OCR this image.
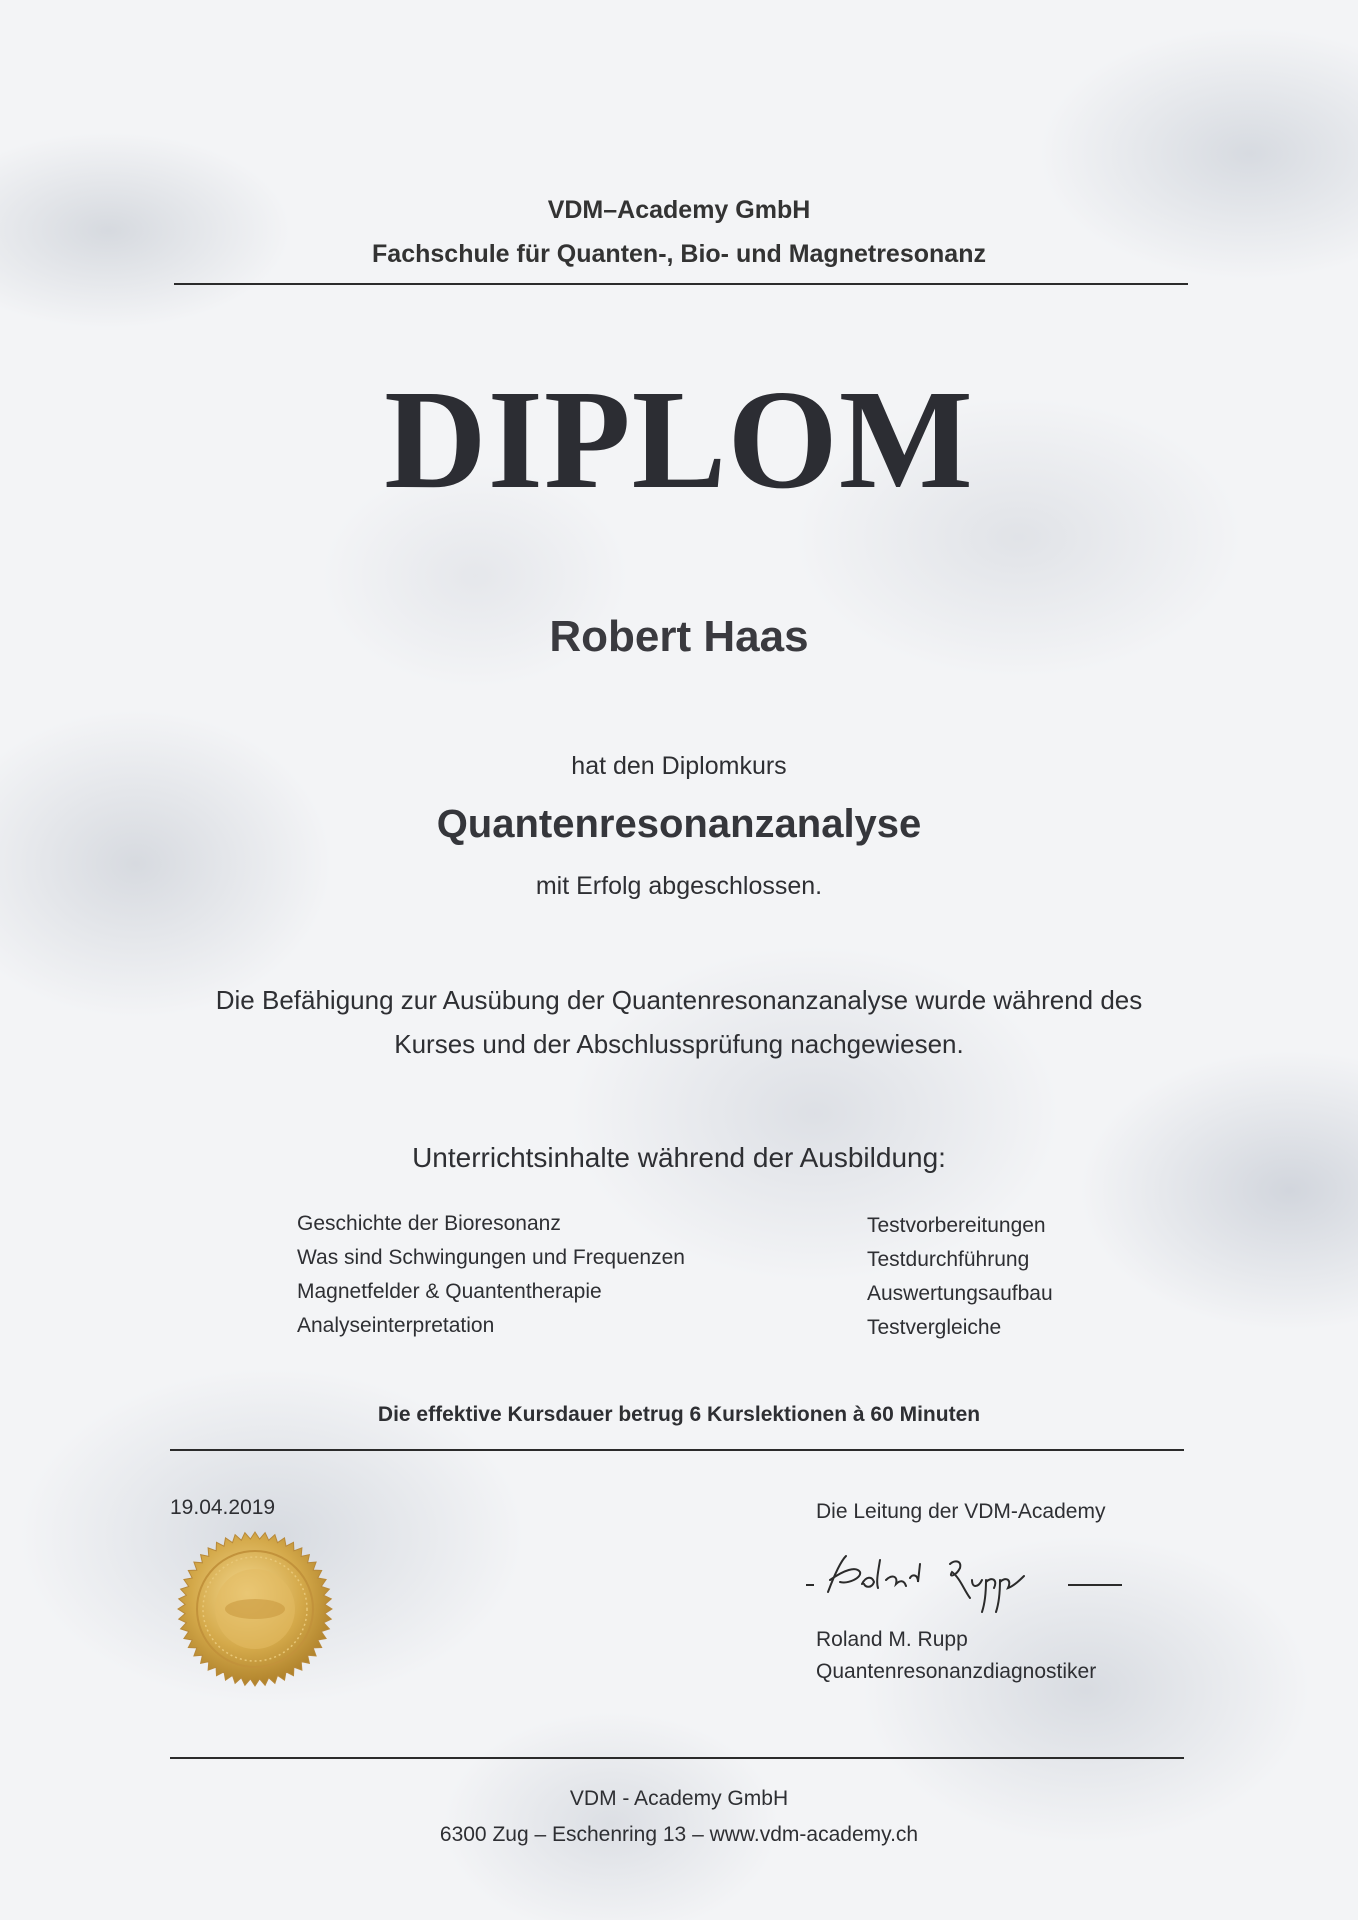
VDM–Academy GmbH
Fachschule für Quanten-, Bio- und Magnetresonanz
DIPLOM
Robert Haas
hat den Diplomkurs
Quantenresonanzanalyse
mit Erfolg abgeschlossen.
Die Befähigung zur Ausübung der Quantenresonanzanalyse wurde während des
Kurses und der Abschlussprüfung nachgewiesen.
Unterrichtsinhalte während der Ausbildung:
Geschichte der Bioresonanz
Was sind Schwingungen und Frequenzen
Magnetfelder & Quantentherapie
Analyseinterpretation
Testvorbereitungen
Testdurchführung
Auswertungsaufbau
Testvergleiche
Die effektive Kursdauer betrug 6 Kurslektionen à 60 Minuten
19.04.2019	Die Leitung der VDM-Academy
Roland M. Rupp
Quantenresonanzdiagnostiker
VDM - Academy GmbH
6300 Zug – Eschenring 13 – www.vdm-academy.ch
